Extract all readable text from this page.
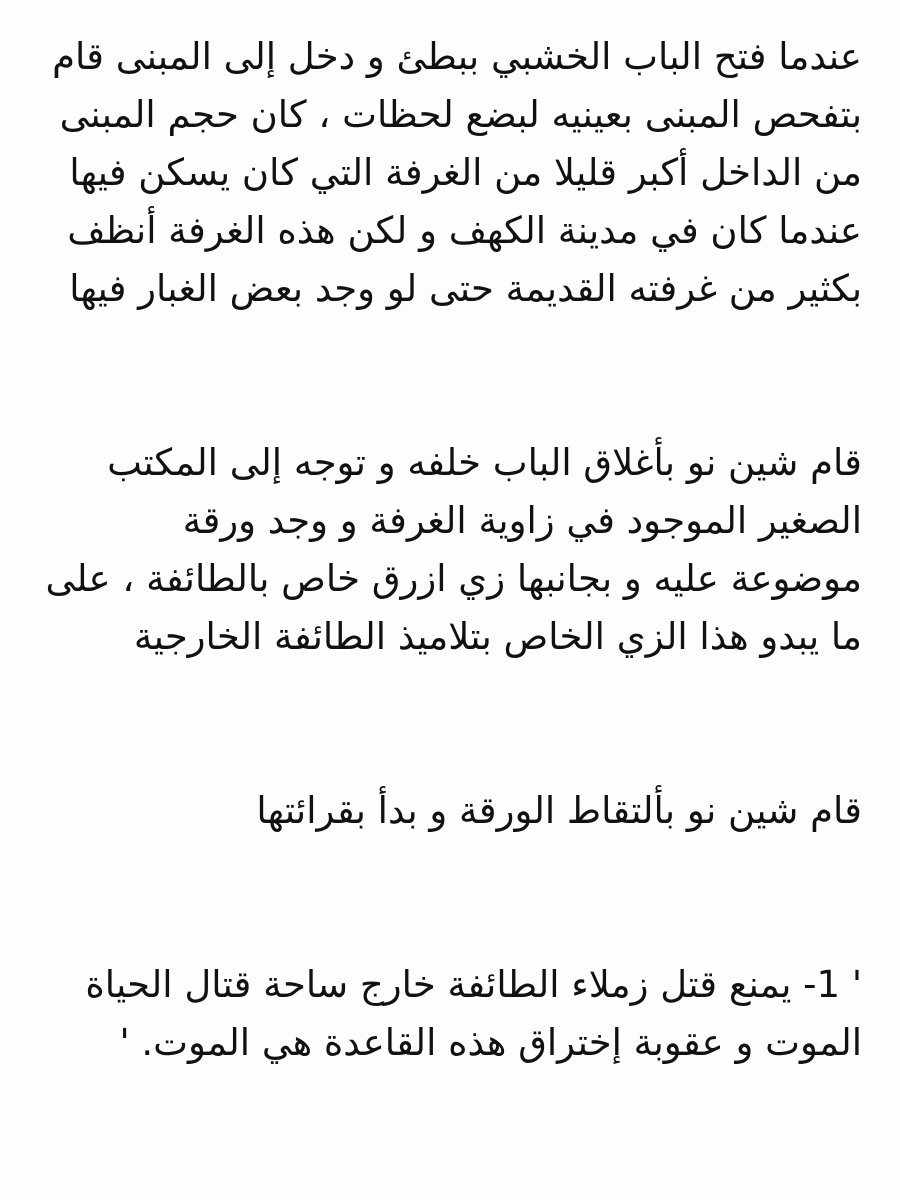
عندما فتح الباب الخشبي ببطئ و دخل إلى المبنى قام
بتفحص المبنى بعينيه لبضع لحظات ، كان حجم المبنى
من الداخل أكبر قليلا من الغرفة التي كان يسكن فيها
عندما كان في مدينة الكهف و لكن هذه الغرفة أنظف
بكثير من غرفته القديمة حتى لو وجد بعض الغبار فيها
قام شين نو بأغلاق الباب خلفه و توجه إلى المكتب
الصغير الموجود في زاوية الغرفة و وجد ورقة
موضوعة عليه و بجانبها زي ازرق خاص بالطائفة ، على
ما يبدو هذا الزي الخاص بتلاميذ الطائفة الخارجية
قام شين نو بألتقاط الورقة و بدأ بقرائتها
' 1- يمنع قتل زملاء الطائفة خارج ساحة قتال الحياة
الموت و عقوبة إختراق هذه القاعدة هي الموت. '
